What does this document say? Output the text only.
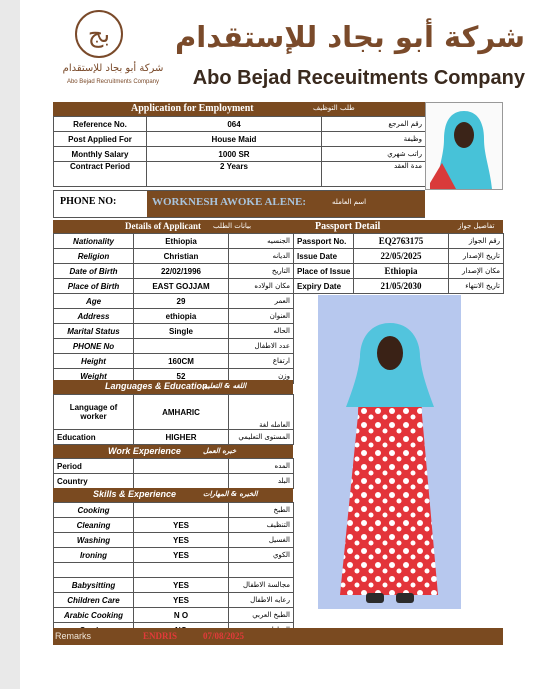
ﺑﺞ
شركة أبو بجاد للإستقدام
Abo Bejad Recruitments Company
شركة أبو بجاد للإستقدام
Abo Bejad Receuitments Company
Application for Employment	طلب التوظيف
Reference No.	064	رقم المرجع
Post Applied For	House Maid	وظيفة
Monthly Salary	1000 SR	راتب شهري
Contract Period	2 Years	مدة العقد
PHONE NO:	WORKNESH AWOKE ALENE:	اسم العامله
Details of Applicant بيانات الطلب
Nationality	Ethiopia	الجنسيه
Religion	Christian	الديانه
Date of Birth	22/02/1996	التاريخ
Place of Birth	EAST GOJJAM	مكان الولاده
Age	29	العمر
Address	ethiopia	العنوان
Marital Status	Single	الحاله
PHONE No		عدد الاطفال
Height	160CM	ارتفاع
Weight	52	وزن
Passport Detail	تفاصيل جواز
Passport No.	EQ2763175	رقم الجواز
Issue Date	22/05/2025	تاريخ الإصدار
Place of Issue	Ethiopia	مكان الإصدار
Expiry Date	21/05/2030	تاريخ الانتهاء
Languages & Education
اللغه & التعليم
Language of worker	AMHARIC	العامله لغة
Education	HIGHER	المستوى التعليمي
Work Experience	خبره العمل
Period		المده
Country		البلد
Skills & Experience	الخبره & المهارات
Cooking		الطبخ
Cleaning	YES	التنظيف
Washing	YES	الغسيل
Ironing	YES	الكوي

Babysitting	YES	مجالسة الاطفال
Children Care	YES	رعايه الاطفال
Arabic Cooking	N O	الطبخ العربي

Remarks	ENDRIS	07/08/2025
